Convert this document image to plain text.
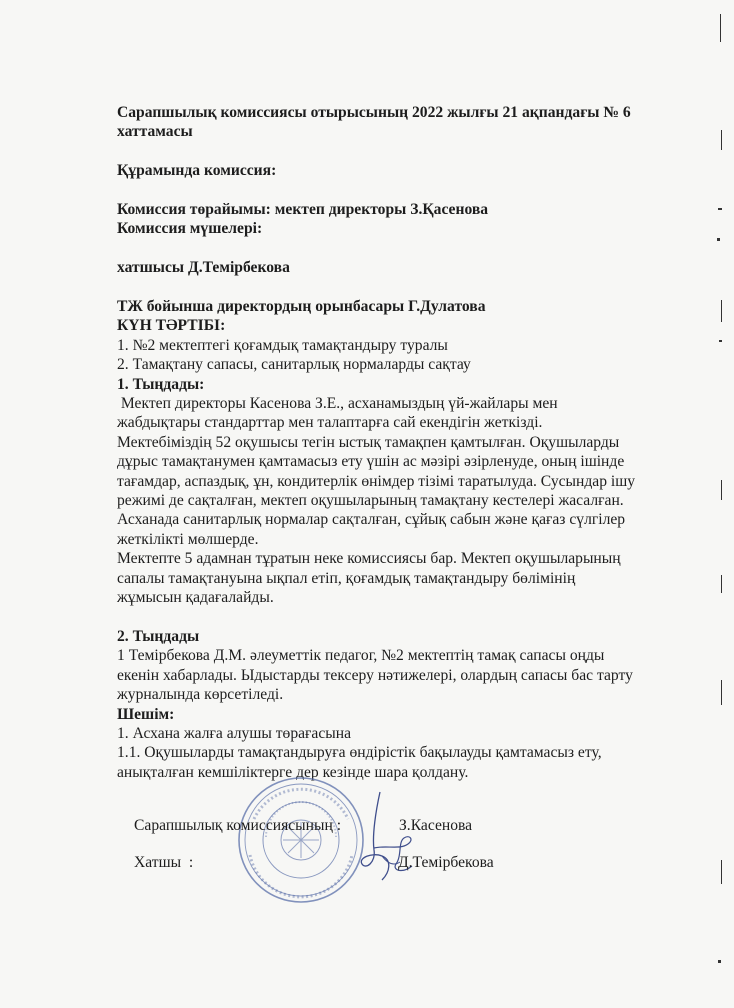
Сарапшылық комиссиясы отырысының 2022 жылғы 21 ақпандағы № 6

хаттамасы

Құрамында комиссия:

Комиссия төрайымы: мектеп директоры З.Қасенова

Комиссия мүшелері:

хатшысы Д.Темірбекова

ТЖ бойынша директордың орынбасары Г.Дулатова

КҮН ТӘРТІБІ:

1. №2 мектептегі қоғамдық тамақтандыру туралы

2. Тамақтану сапасы, санитарлық нормаларды сақтау

1. Тыңдады:

Мектеп директоры Касенова З.Е., асханамыздың үй-жайлары мен

жабдықтары стандарттар мен талаптарға сай екендігін жеткізді.

Мектебіміздің 52 оқушысы тегін ыстық тамақпен қамтылған. Оқушыларды

дұрыс тамақтанумен қамтамасыз ету үшін ас мәзірі әзірленуде, оның ішінде

тағамдар, аспаздық, ұн, кондитерлік өнімдер тізімі таратылуда. Сусындар ішу

режимі де сақталған, мектеп оқушыларының тамақтану кестелері жасалған.

Асханада санитарлық нормалар сақталған, сұйық сабын және қағаз сүлгілер

жеткілікті мөлшерде.

Мектепте 5 адамнан тұратын неке комиссиясы бар. Мектеп оқушыларының

сапалы тамақтануына ықпал етіп, қоғамдық тамақтандыру бөлімінің

жұмысын қадағалайды.

2. Тыңдады

1 Темірбекова Д.М. әлеуметтік педагог, №2 мектептің тамақ сапасы оңды

екенін хабарлады. Ыдыстарды тексеру нәтижелері, олардың сапасы бас тарту

журналында көрсетіледі.

Шешім:

1. Асхана жалға алушы төрағасына

1.1. Оқушыларды тамақтандыруға өндірістік бақылауды қамтамасыз ету,

анықталған кемшіліктерге дер кезінде шара қолдану.

Сарапшылық комиссиясының :	З.Касенова
Хатшы  :	Д.Темірбекова
